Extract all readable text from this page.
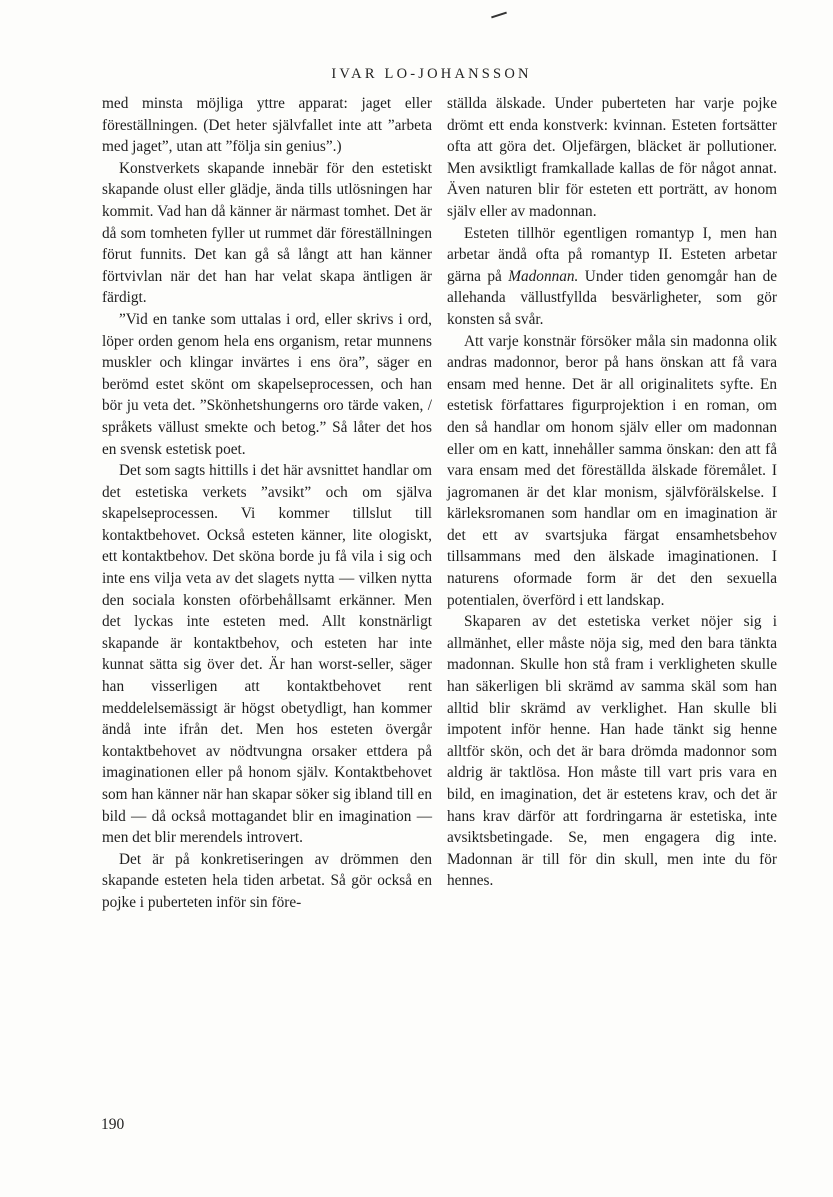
IVAR LO-JOHANSSON

med minsta möjliga yttre apparat: jaget eller föreställningen. (Det heter självfallet inte att ”arbeta med jaget”, utan att ”följa sin genius”.)

Konstverkets skapande innebär för den estetiskt skapande olust eller glädje, ända tills utlösningen har kommit. Vad han då känner är närmast tomhet. Det är då som tomheten fyller ut rummet där föreställningen förut funnits. Det kan gå så långt att han känner förtvivlan när det han har velat skapa äntligen är färdigt.

”Vid en tanke som uttalas i ord, eller skrivs i ord, löper orden genom hela ens organism, retar munnens muskler och klingar invärtes i ens öra”, säger en berömd estet skönt om skapelseprocessen, och han bör ju veta det. ”Skönhetshungerns oro tärde vaken, / språkets vällust smekte och betog.” Så låter det hos en svensk estetisk poet.

Det som sagts hittills i det här avsnittet handlar om det estetiska verkets ”avsikt” och om själva skapelseprocessen. Vi kommer tillslut till kontaktbehovet. Också esteten känner, lite ologiskt, ett kontaktbehov. Det sköna borde ju få vila i sig och inte ens vilja veta av det slagets nytta — vilken nytta den sociala konsten oförbehållsamt erkänner. Men det lyckas inte esteten med. Allt konstnärligt skapande är kontaktbehov, och esteten har inte kunnat sätta sig över det. Är han worst-seller, säger han visserligen att kontaktbehovet rent meddelelsemässigt är högst obetydligt, han kommer ändå inte ifrån det. Men hos esteten övergår kontaktbehovet av nödtvungna orsaker ettdera på imaginationen eller på honom själv. Kontaktbehovet som han känner när han skapar söker sig ibland till en bild — då också mottagandet blir en imagination — men det blir merendels introvert.

Det är på konkretiseringen av drömmen den skapande esteten hela tiden arbetat. Så gör också en pojke i puberteten inför sin före-

ställda älskade. Under puberteten har varje pojke drömt ett enda konstverk: kvinnan. Esteten fortsätter ofta att göra det. Oljefärgen, bläcket är pollutioner. Men avsiktligt framkallade kallas de för något annat. Även naturen blir för esteten ett porträtt, av honom själv eller av madonnan.

Esteten tillhör egentligen romantyp I, men han arbetar ändå ofta på romantyp II. Esteten arbetar gärna på Madonnan. Under tiden genomgår han de allehanda vällustfyllda besvärligheter, som gör konsten så svår.

Att varje konstnär försöker måla sin madonna olik andras madonnor, beror på hans önskan att få vara ensam med henne. Det är all originalitets syfte. En estetisk författares figurprojektion i en roman, om den så handlar om honom själv eller om madonnan eller om en katt, innehåller samma önskan: den att få vara ensam med det föreställda älskade föremålet. I jagromanen är det klar monism, självförälskelse. I kärleksromanen som handlar om en imagination är det ett av svartsjuka färgat ensamhetsbehov tillsammans med den älskade imaginationen. I naturens oformade form är det den sexuella potentialen, överförd i ett landskap.

Skaparen av det estetiska verket nöjer sig i allmänhet, eller måste nöja sig, med den bara tänkta madonnan. Skulle hon stå fram i verkligheten skulle han säkerligen bli skrämd av samma skäl som han alltid blir skrämd av verklighet. Han skulle bli impotent inför henne. Han hade tänkt sig henne alltför skön, och det är bara drömda madonnor som aldrig är taktlösa. Hon måste till vart pris vara en bild, en imagination, det är estetens krav, och det är hans krav därför att fordringarna är estetiska, inte avsiktsbetingade. Se, men engagera dig inte. Madonnan är till för din skull, men inte du för hennes.

190
